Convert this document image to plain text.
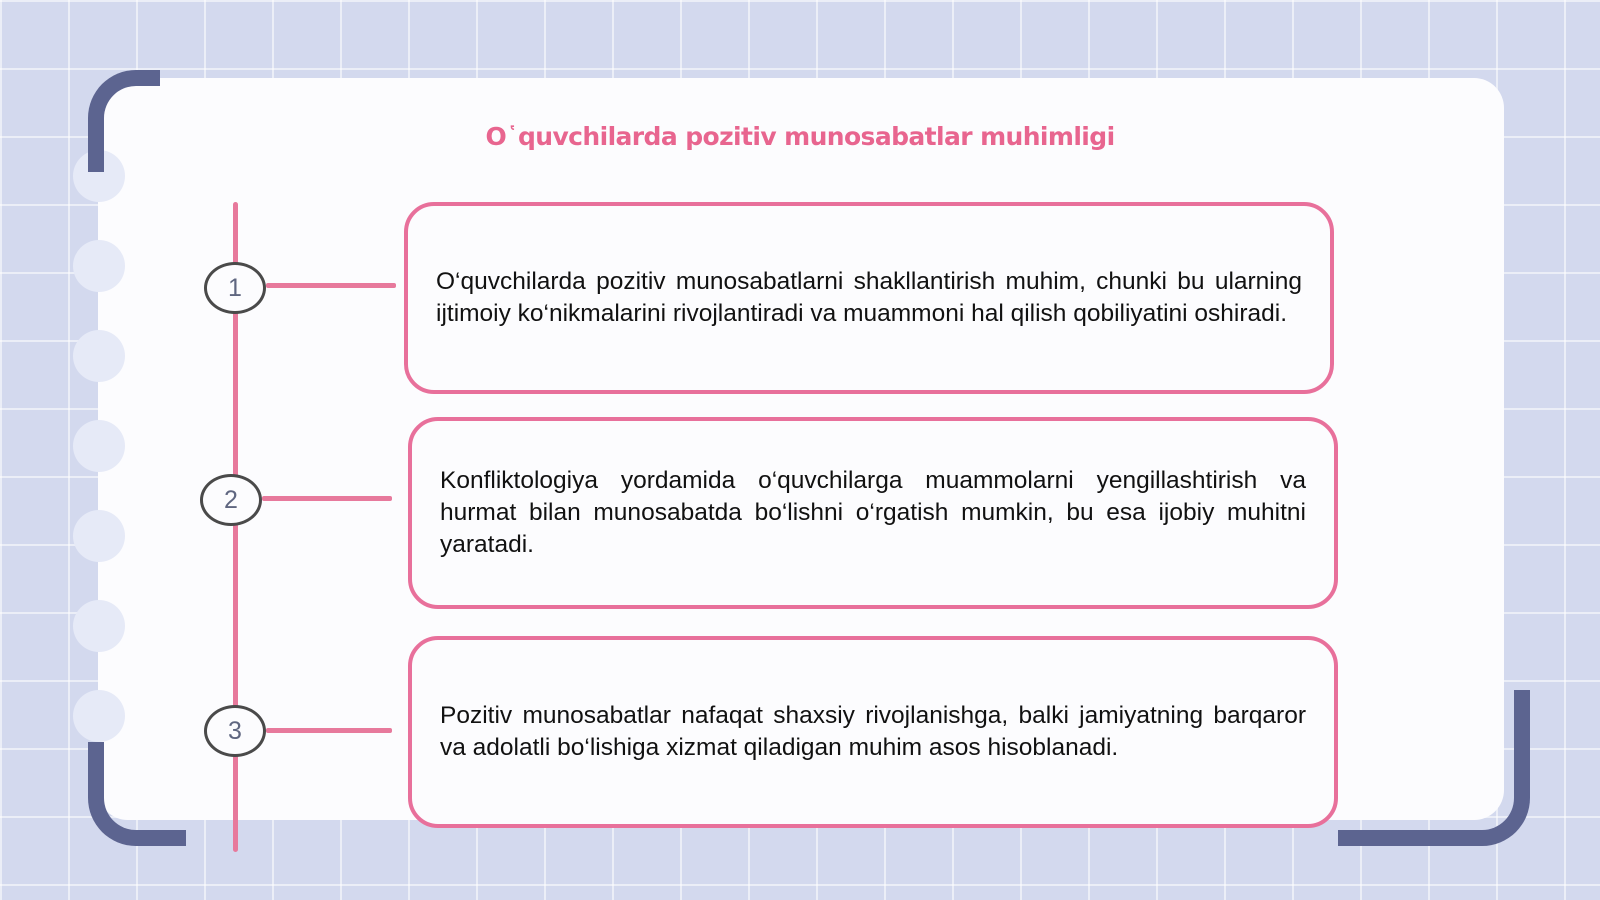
O῾quvchilarda pozitiv munosabatlar muhimligi
1
2
3

O‘quvchilarda pozitiv munosabatlarni shakllantirish muhim, chunki bu ularning ijtimoiy ko‘nikmalarini rivojlantiradi va muammoni hal qilish qobiliyatini oshiradi.

Konfliktologiya yordamida o‘quvchilarga muammolarni yengillashtirish va hurmat bilan munosabatda bo‘lishni o‘rgatish mumkin, bu esa ijobiy muhitni yaratadi.

Pozitiv munosabatlar nafaqat shaxsiy rivojlanishga, balki jamiyatning barqaror va adolatli bo‘lishiga xizmat qiladigan muhim asos hisoblanadi.
